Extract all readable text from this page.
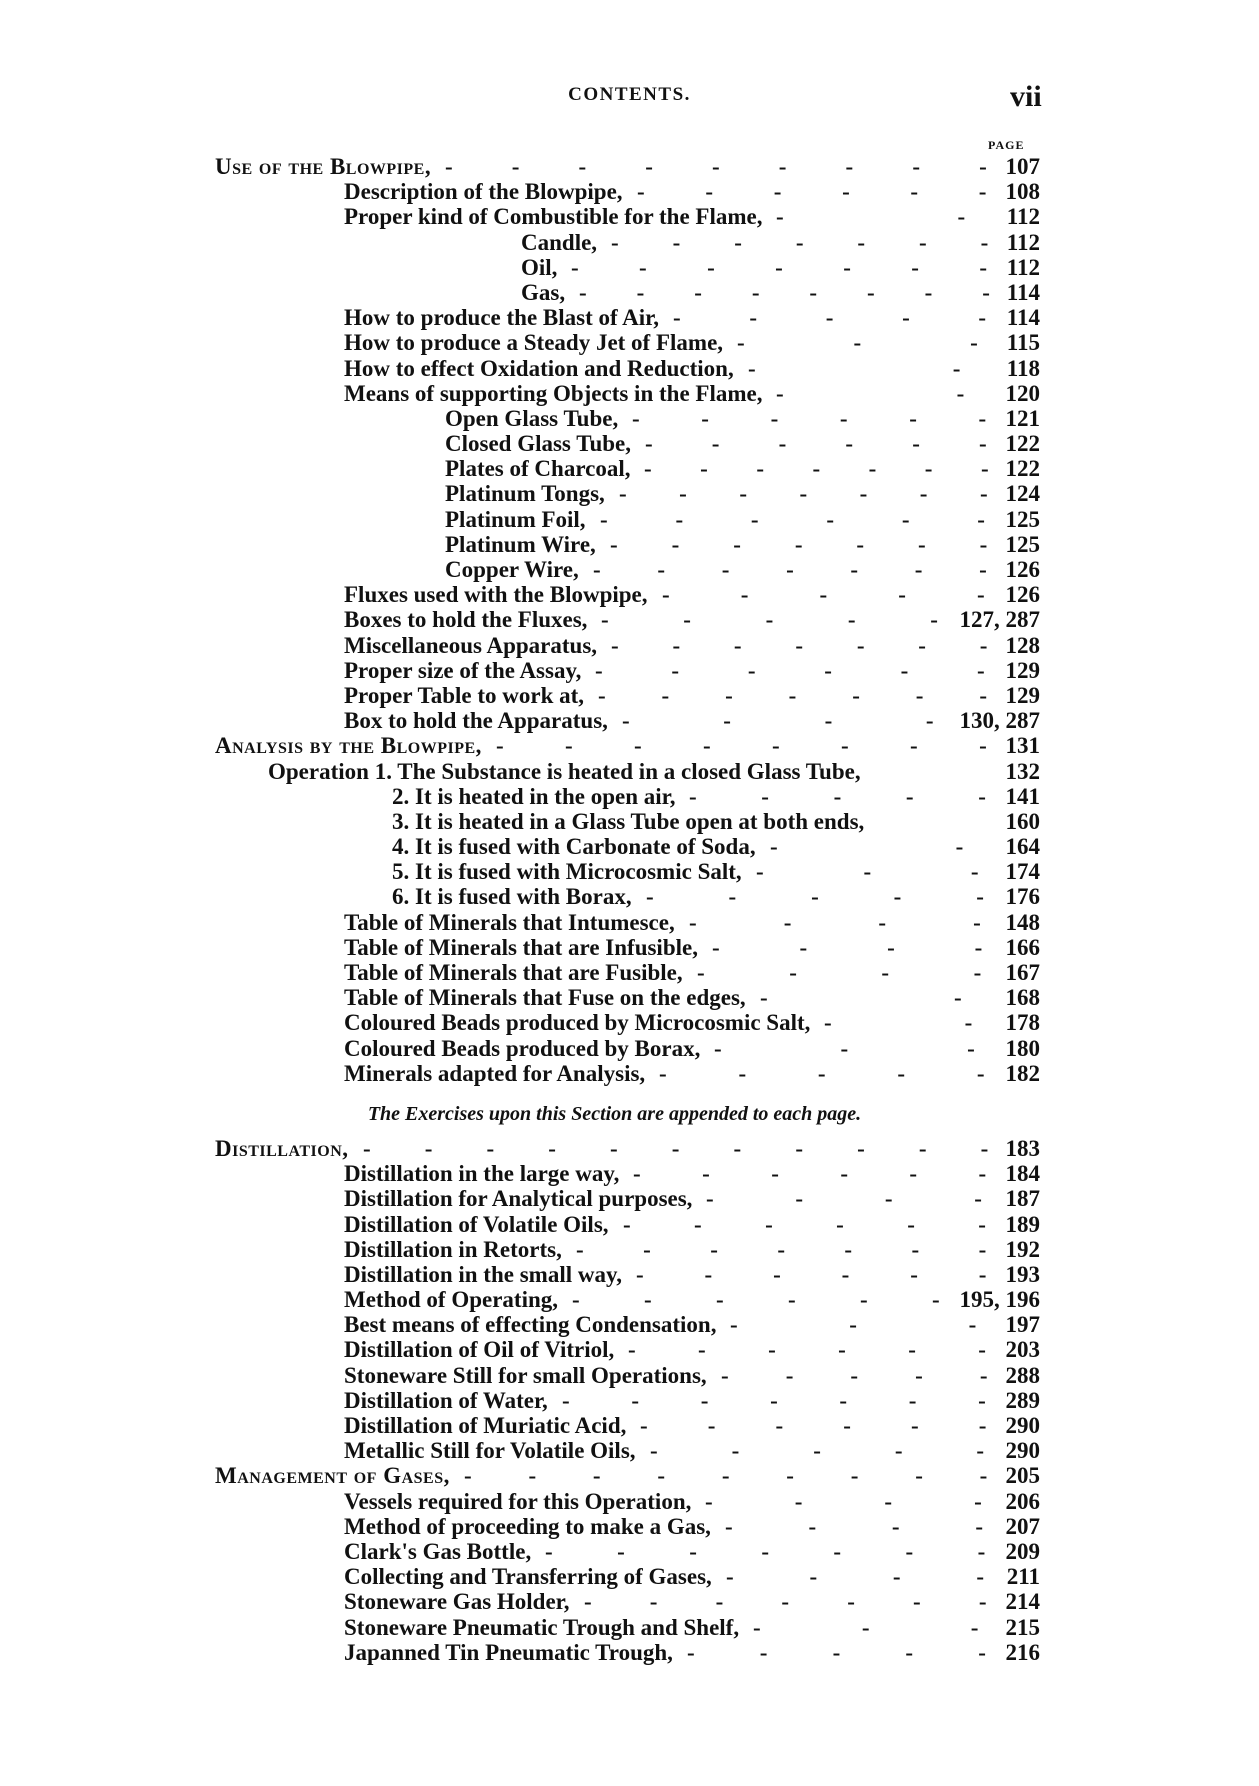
CONTENTS.	vii
PAGE
Use of the Blowpipe,	107
-    -    -    -    -    -    -    -    -
Description of the Blowpipe,	108
-    -    -    -    -    -
Proper kind of Combustible for the Flame,	112
-    -
Candle,	112
-    -    -    -    -    -    -
Oil,	112
-    -    -    -    -    -    -
Gas,	114
-    -    -    -    -    -    -    -
How to produce the Blast of Air,	114
-    -    -    -    -
How to produce a Steady Jet of Flame,	115
-    -    -
How to effect Oxidation and Reduction,	118
-    -
Means of supporting Objects in the Flame,	120
-    -
Open Glass Tube,	121
-    -    -    -    -    -
Closed Glass Tube,	122
-    -    -    -    -    -
Plates of Charcoal,	122
-    -    -    -    -    -    -
Platinum Tongs,	124
-    -    -    -    -    -    -
Platinum Foil,	125
-    -    -    -    -    -
Platinum Wire,	125
-    -    -    -    -    -    -
Copper Wire,	126
-    -    -    -    -    -    -
Fluxes used with the Blowpipe,	126
-    -    -    -    -
Boxes to hold the Fluxes,	127, 287
-    -    -    -    -
Miscellaneous Apparatus,	128
-    -    -    -    -    -    -
Proper size of the Assay,	129
-    -    -    -    -    -
Proper Table to work at,	129
-    -    -    -    -    -    -
Box to hold the Apparatus,	130, 287
-    -    -    -
Analysis by the Blowpipe,	131
-    -    -    -    -    -    -    -
Operation 1. The Substance is heated in a closed Glass Tube,	132
2. It is heated in the open air,	141
-    -    -    -    -
3. It is heated in a Glass Tube open at both ends,	160
4. It is fused with Carbonate of Soda,	164
-    -
5. It is fused with Microcosmic Salt,	174
-    -    -
6. It is fused with Borax,	176
-    -    -    -    -
Table of Minerals that Intumesce,	148
-    -    -    -
Table of Minerals that are Infusible,	166
-    -    -    -
Table of Minerals that are Fusible,	167
-    -    -    -
Table of Minerals that Fuse on the edges,	168
-    -
Coloured Beads produced by Microcosmic Salt,	178
-    -
Coloured Beads produced by Borax,	180
-    -    -
Minerals adapted for Analysis,	182
-    -    -    -    -
The Exercises upon this Section are appended to each page.
Distillation,	183
-    -    -    -    -    -    -    -    -    -    -
Distillation in the large way,	184
-    -    -    -    -    -
Distillation for Analytical purposes,	187
-    -    -    -
Distillation of Volatile Oils,	189
-    -    -    -    -    -
Distillation in Retorts,	192
-    -    -    -    -    -    -
Distillation in the small way,	193
-    -    -    -    -    -
Method of Operating,	195, 196
-    -    -    -    -    -
Best means of effecting Condensation,	197
-    -    -
Distillation of Oil of Vitriol,	203
-    -    -    -    -    -
Stoneware Still for small Operations,	288
-    -    -    -    -
Distillation of Water,	289
-    -    -    -    -    -    -
Distillation of Muriatic Acid,	290
-    -    -    -    -    -
Metallic Still for Volatile Oils,	290
-    -    -    -    -
Management of Gases,	205
-    -    -    -    -    -    -    -    -
Vessels required for this Operation,	206
-    -    -    -
Method of proceeding to make a Gas,	207
-    -    -    -
Clark's Gas Bottle,	209
-    -    -    -    -    -    -
Collecting and Transferring of Gases,	211
-    -    -    -
Stoneware Gas Holder,	214
-    -    -    -    -    -    -
Stoneware Pneumatic Trough and Shelf,	215
-    -    -
Japanned Tin Pneumatic Trough,	216
-    -    -    -    -
